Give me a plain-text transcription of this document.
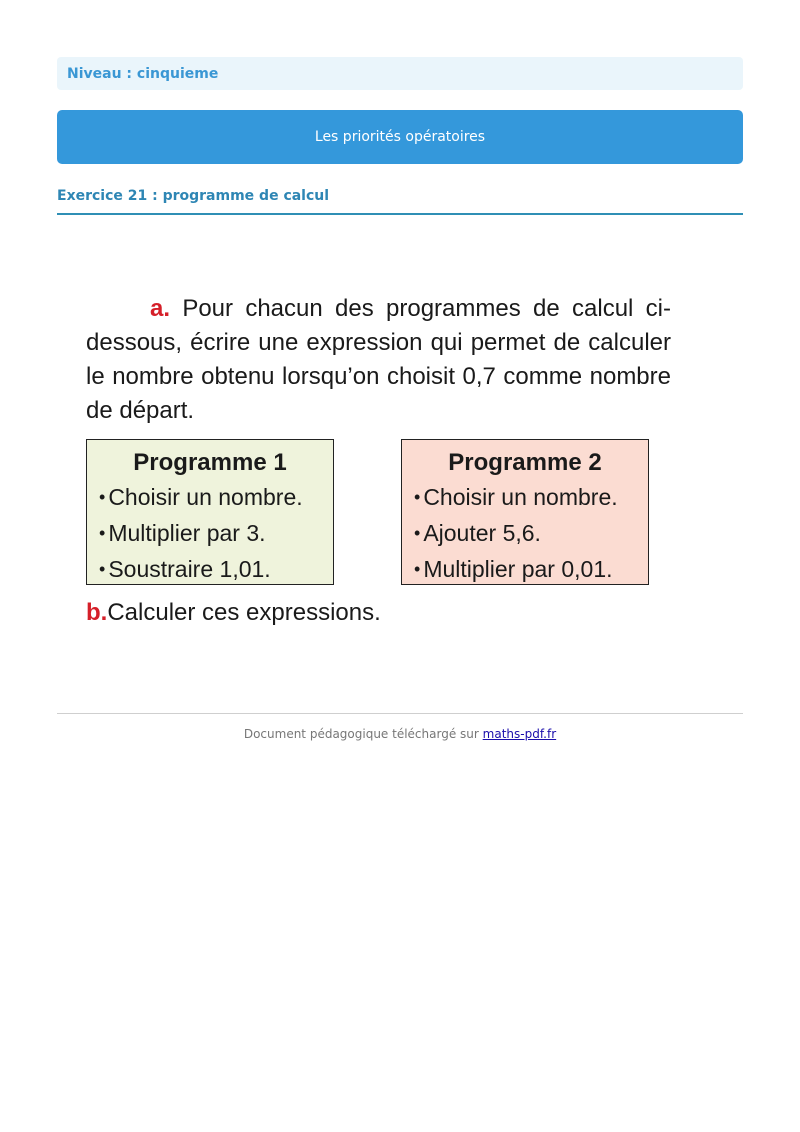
Niveau : cinquieme
Les priorités opératoires
Exercice 21 : programme de calcul

a. Pour chacun des programmes de calcul ci-dessous, écrire une expression qui permet de calculer le nombre obtenu lorsqu’on choisit 0,7 comme nombre de départ.

Programme 1
• Choisir un nombre.
• Multiplier par 3.
• Soustraire 1,01.
Programme 2
• Choisir un nombre.
• Ajouter 5,6.
• Multiplier par 0,01.

b.Calculer ces expressions.

Document pédagogique téléchargé sur maths-pdf.fr
